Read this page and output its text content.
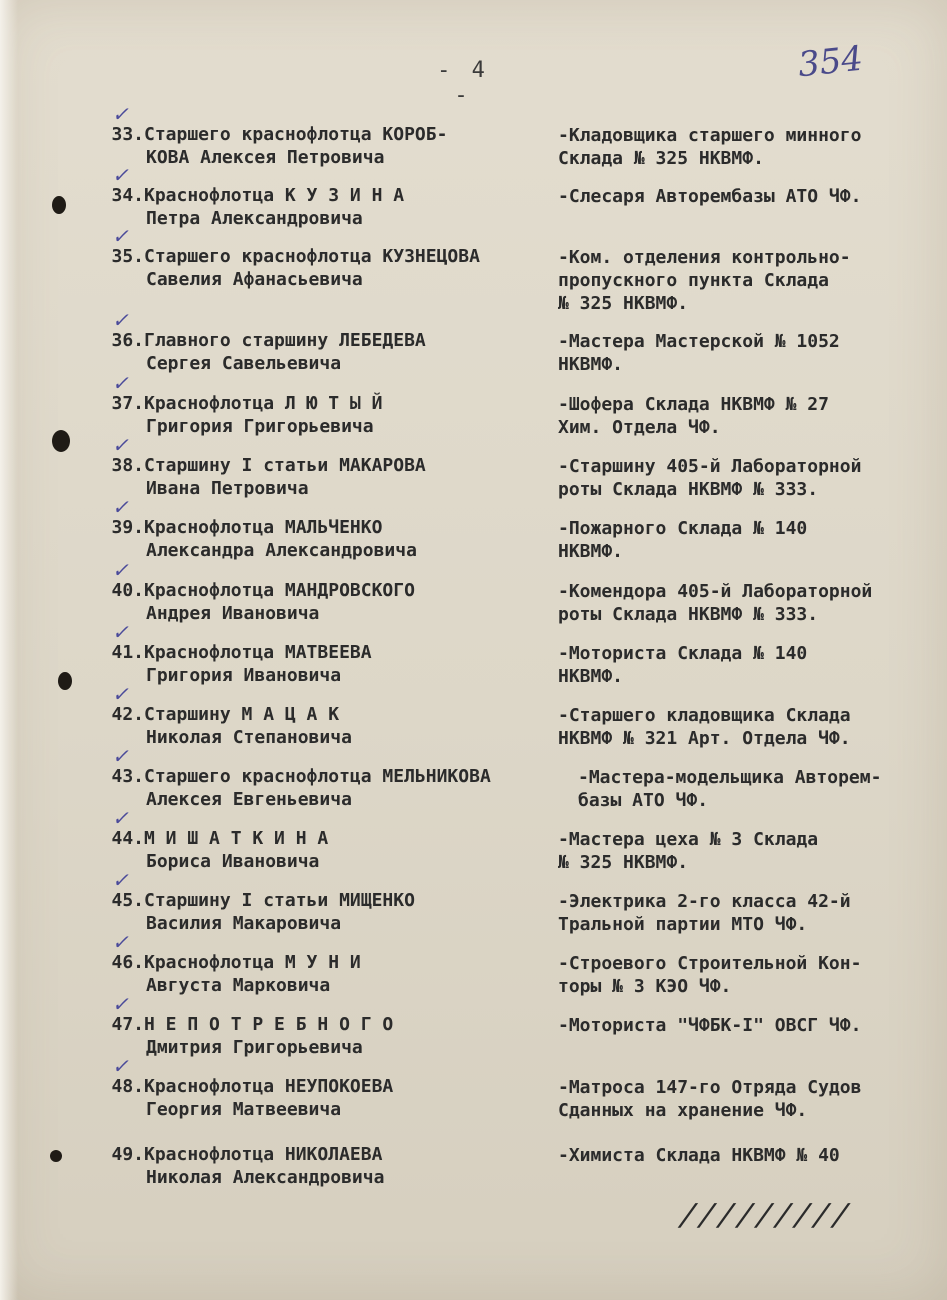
- 4 -
354
✓
33. Старшего краснофлотца КОРОБ-
КОВА Алексея Петровича
-Кладовщика старшего минного
Склада № 325 НКВМФ.
✓
34. Краснофлотца К У З И Н А
Петра Александровича
-Слесаря Авторембазы АТО ЧФ.
✓
35. Старшего краснофлотца КУЗНЕЦОВА
Савелия Афанасьевича
-Ком. отделения контрольно-
пропускного пункта Склада
№ 325 НКВМФ.
✓
36. Главного старшину ЛЕБЕДЕВА
Сергея Савельевича
-Мастера Мастерской № 1052
НКВМФ.
✓
37. Краснофлотца Л Ю Т Ы Й
Григория Григорьевича
-Шофера Склада НКВМФ № 27
Хим. Отдела ЧФ.
✓
38. Старшину I статьи МАКАРОВА
Ивана Петровича
-Старшину 405-й Лабораторной
роты Склада НКВМФ № 333.
✓
39. Краснофлотца МАЛЬЧЕНКО
Александра Александровича
-Пожарного Склада № 140
НКВМФ.
✓
40. Краснофлотца МАНДРОВСКОГО
Андрея Ивановича
-Комендора 405-й Лабораторной
роты Склада НКВМФ № 333.
✓
41. Краснофлотца МАТВЕЕВА
Григория Ивановича
-Моториста Склада № 140
НКВМФ.
✓
42. Старшину М А Ц А К
Николая Степановича
-Старшего кладовщика Склада
НКВМФ № 321 Арт. Отдела ЧФ.
✓
43. Старшего краснофлотца МЕЛЬНИКОВА
Алексея Евгеньевича
-Мастера-модельщика Авторем-
базы АТО ЧФ.
✓
44. М И Ш А Т К И Н А
Бориса Ивановича
-Мастера цеха № 3 Склада
№ 325 НКВМФ.
✓
45. Старшину I статьи МИЩЕНКО
Василия Макаровича
-Электрика 2-го класса 42-й
Тральной партии МТО ЧФ.
✓
46. Краснофлотца М У Н И
Августа Марковича
-Строевого Строительной Кон-
торы № 3 КЭО ЧФ.
✓
47. Н Е П О Т Р Е Б Н О Г О
Дмитрия Григорьевича
-Моториста "ЧФБК-I" ОВСГ ЧФ.
✓
48. Краснофлотца НЕУПОКОЕВА
Георгия Матвеевича
-Матроса 147-го Отряда Судов
Сданных на хранение ЧФ.
49. Краснофлотца НИКОЛАЕВА
Николая Александровича
-Химиста Склада НКВМФ № 40
/////////
